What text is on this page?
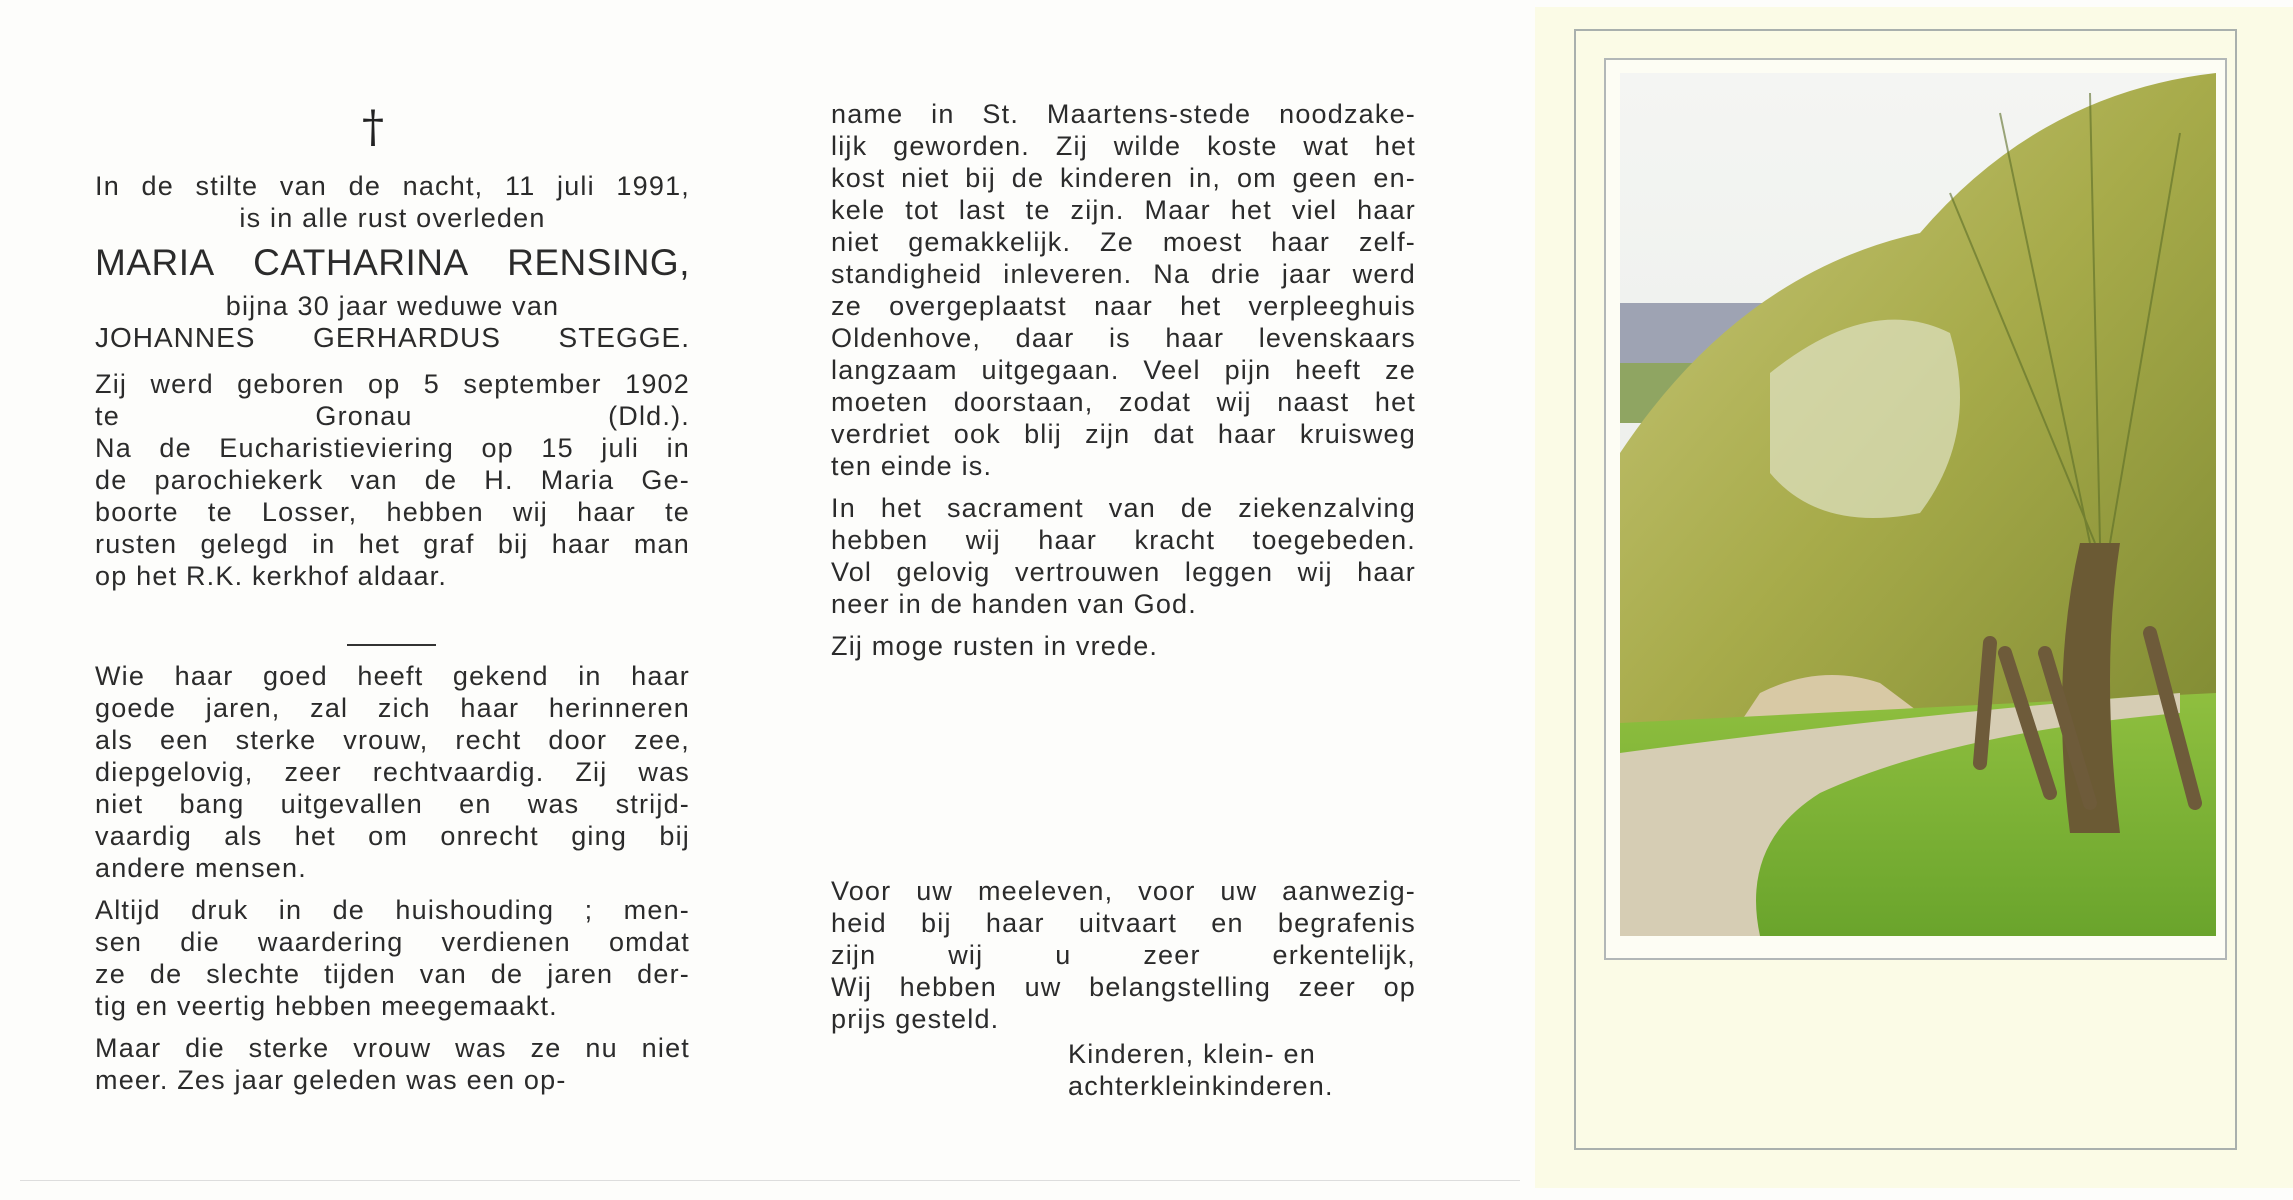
†
In de stilte van de nacht, 11 juli 1991,
is in alle rust overleden
MARIA CATHARINA RENSING,
bijna 30 jaar weduwe van
JOHANNES GERHARDUS STEGGE.
Zij werd geboren op 5 september 1902
te Gronau (Dld.).
Na de Eucharistieviering op 15 juli in
de parochiekerk van de H. Maria Ge-
boorte te Losser, hebben wij haar te
rusten gelegd in het graf bij haar man
op het R.K. kerkhof aldaar.
Wie haar goed heeft gekend in haar
goede jaren, zal zich haar herinneren
als een sterke vrouw, recht door zee,
diepgelovig, zeer rechtvaardig. Zij was
niet bang uitgevallen en was strijd-
vaardig als het om onrecht ging bij
andere mensen.
Altijd druk in de huishouding ; men-
sen die waardering verdienen omdat
ze de slechte tijden van de jaren der-
tig en veertig hebben meegemaakt.
Maar die sterke vrouw was ze nu niet
meer. Zes jaar geleden was een op-
name in St. Maartens-stede noodzake-
lijk geworden. Zij wilde koste wat het
kost niet bij de kinderen in, om geen en-
kele tot last te zijn. Maar het viel haar
niet gemakkelijk. Ze moest haar zelf-
standigheid inleveren. Na drie jaar werd
ze overgeplaatst naar het verpleeghuis
Oldenhove, daar is haar levenskaars
langzaam uitgegaan. Veel pijn heeft ze
moeten doorstaan, zodat wij naast het
verdriet ook blij zijn dat haar kruisweg
ten einde is.
In het sacrament van de ziekenzalving
hebben wij haar kracht toegebeden.
Vol gelovig vertrouwen leggen wij haar
neer in de handen van God.
Zij moge rusten in vrede.
Voor uw meeleven, voor uw aanwezig-
heid bij haar uitvaart en begrafenis
zijn wij u zeer erkentelijk,
Wij hebben uw belangstelling zeer op
prijs gesteld.
Kinderen, klein- en
achterkleinkinderen.
